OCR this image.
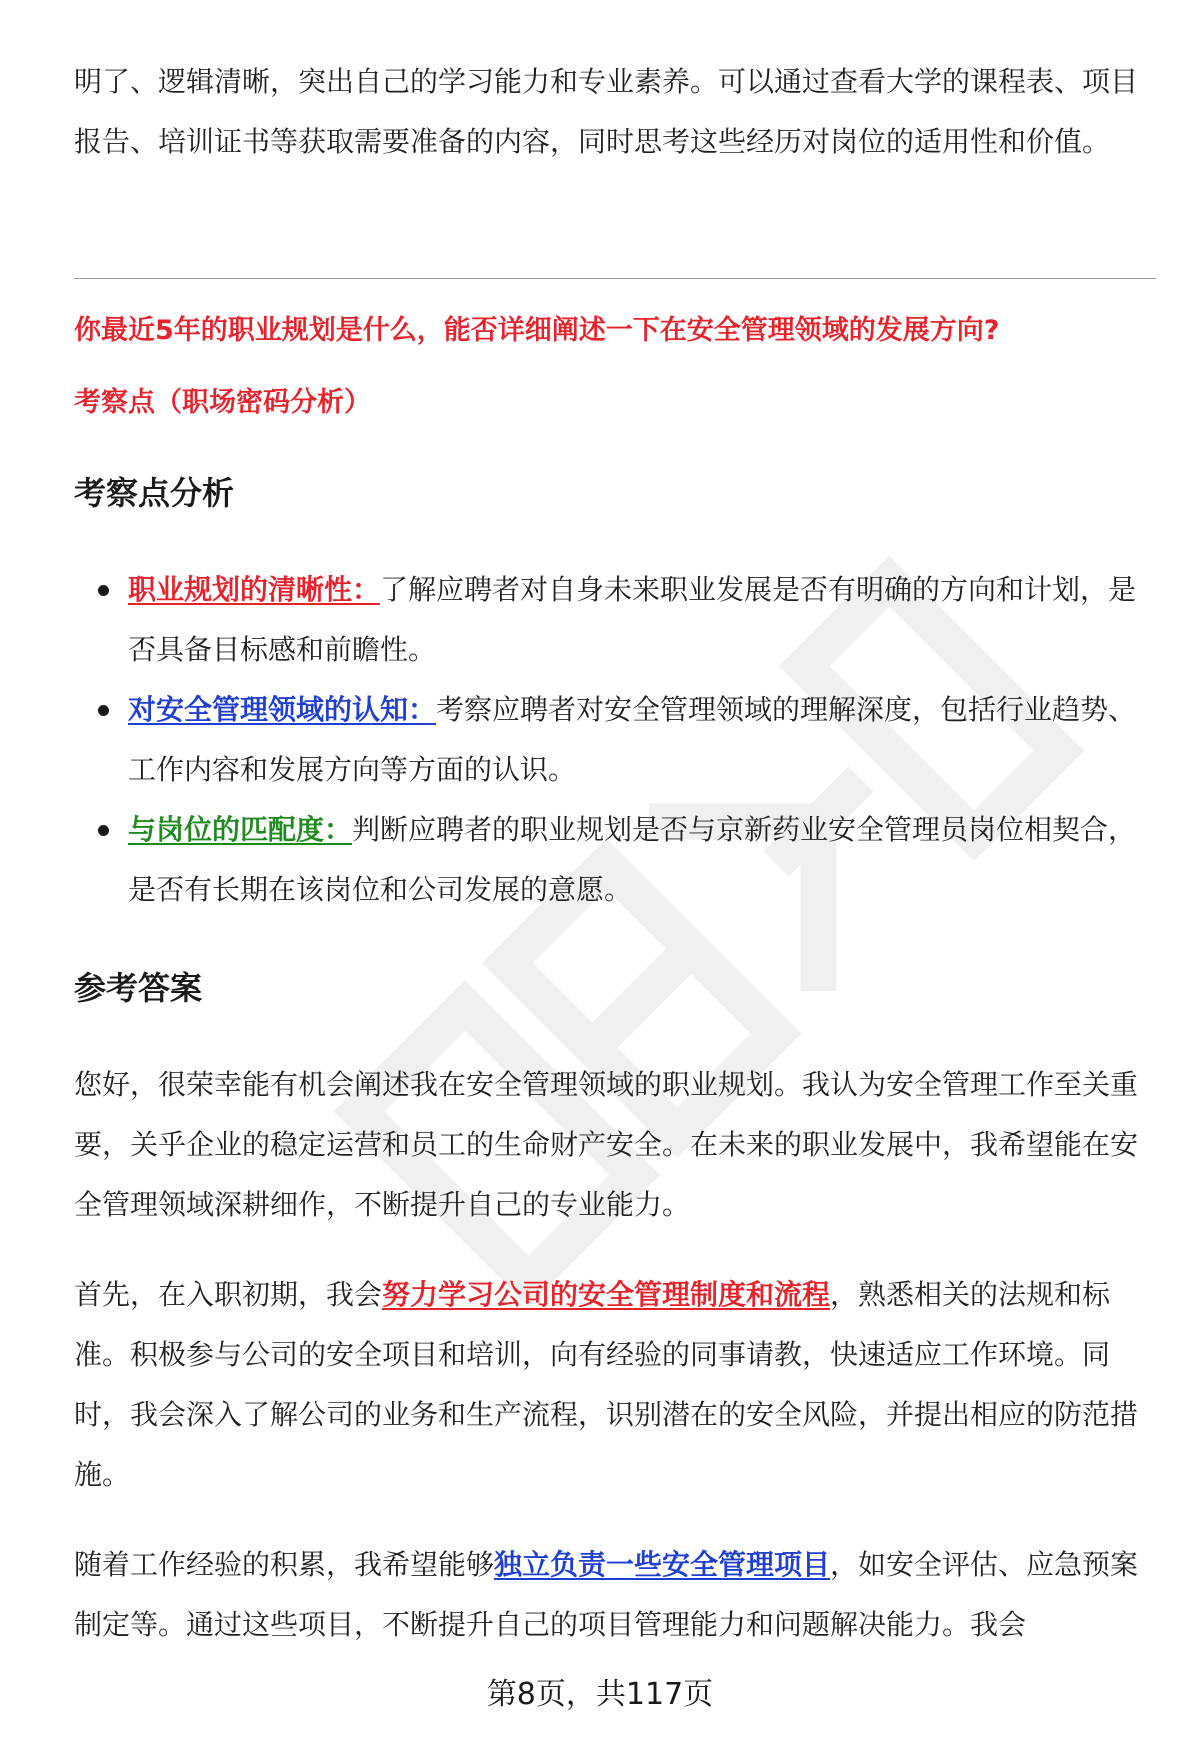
明了、逻辑清晰，突出自己的学习能力和专业素养。可以通过查看大学的课程表、项目报告、培训证书等获取需要准备的内容，同时思考这些经历对岗位的适用性和价值。

你最近5年的职业规划是什么，能否详细阐述一下在安全管理领域的发展方向?
考察点（职场密码分析）
考察点分析
职业规划的清晰性：了解应聘者对自身未来职业发展是否有明确的方向和计划，是否具备目标感和前瞻性。
对安全管理领域的认知：考察应聘者对安全管理领域的理解深度，包括行业趋势、工作内容和发展方向等方面的认识。
与岗位的匹配度：判断应聘者的职业规划是否与京新药业安全管理员岗位相契合，是否有长期在该岗位和公司发展的意愿。
参考答案

您好，很荣幸能有机会阐述我在安全管理领域的职业规划。我认为安全管理工作至关重要，关乎企业的稳定运营和员工的生命财产安全。在未来的职业发展中，我希望能在安全管理领域深耕细作，不断提升自己的专业能力。

首先，在入职初期，我会努力学习公司的安全管理制度和流程，熟悉相关的法规和标准。积极参与公司的安全项目和培训，向有经验的同事请教，快速适应工作环境。同时，我会深入了解公司的业务和生产流程，识别潜在的安全风险，并提出相应的防范措施。

随着工作经验的积累，我希望能够独立负责一些安全管理项目，如安全评估、应急预案制定等。通过这些项目，不断提升自己的项目管理能力和问题解决能力。我会

第8页，共117页
